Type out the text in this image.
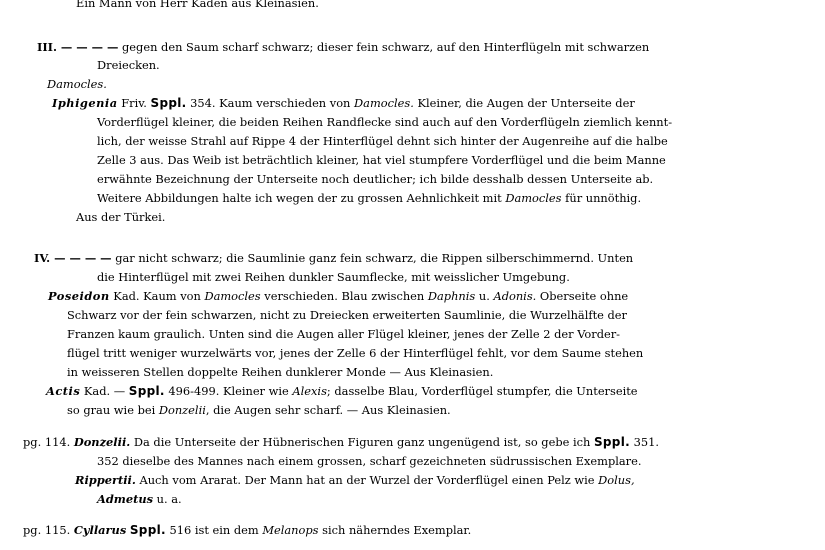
Ein Mann von Herr Kaden aus Kleinasien.
III. — — — — gegen den Saum scharf schwarz; dieser fein schwarz, auf den Hinterflügeln mit schwarzen
Dreiecken.
Damocles.
Iphigenia Friv. Sppl. 354. Kaum verschieden von Damocles. Kleiner, die Augen der Unterseite der
Vorderflügel kleiner, die beiden Reihen Randflecke sind auch auf den Vorderflügeln ziemlich kennt-
lich, der weisse Strahl auf Rippe 4 der Hinterflügel dehnt sich hinter der Augenreihe auf die halbe
Zelle 3 aus. Das Weib ist beträchtlich kleiner, hat viel stumpfere Vorderflügel und die beim Manne
erwähnte Bezeichnung der Unterseite noch deutlicher; ich bilde desshalb dessen Unterseite ab.
Weitere Abbildungen halte ich wegen der zu grossen Aehnlichkeit mit Damocles für unnöthig.
Aus der Türkei.
IV. — — — — gar nicht schwarz; die Saumlinie ganz fein schwarz, die Rippen silberschimmernd. Unten
die Hinterflügel mit zwei Reihen dunkler Saumflecke, mit weisslicher Umgebung.
Poseidon Kad. Kaum von Damocles verschieden. Blau zwischen Daphnis u. Adonis. Oberseite ohne
Schwarz vor der fein schwarzen, nicht zu Dreiecken erweiterten Saumlinie, die Wurzelhälfte der
Franzen kaum graulich. Unten sind die Augen aller Flügel kleiner, jenes der Zelle 2 der Vorder-
flügel tritt weniger wurzelwärts vor, jenes der Zelle 6 der Hinterflügel fehlt, vor dem Saume stehen
in weisseren Stellen doppelte Reihen dunklerer Monde — Aus Kleinasien.
Actis Kad. — Sppl. 496-499. Kleiner wie Alexis; dasselbe Blau, Vorderflügel stumpfer, die Unterseite
so grau wie bei Donzelii, die Augen sehr scharf. — Aus Kleinasien.
pg. 114. Donzelii. Da die Unterseite der Hübnerischen Figuren ganz ungenügend ist, so gebe ich Sppl. 351.
352 dieselbe des Mannes nach einem grossen, scharf gezeichneten südrussischen Exemplare.
Rippertii. Auch vom Ararat. Der Mann hat an der Wurzel der Vorderflügel einen Pelz wie Dolus,
Admetus u. a.
pg. 115. Cyllarus Sppl. 516 ist ein dem Melanops sich näherndes Exemplar.
